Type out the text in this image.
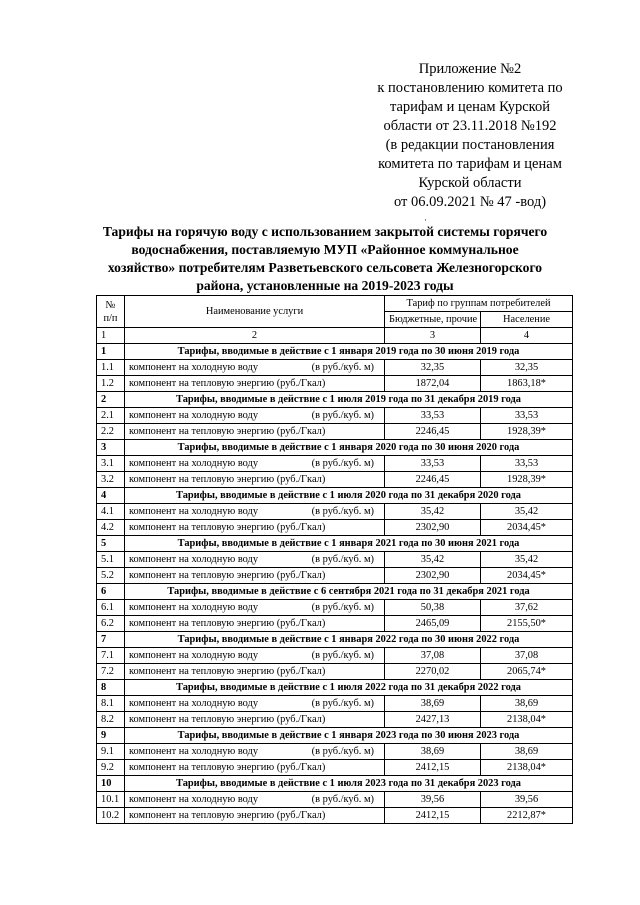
Приложение №2
к постановлению комитета по
тарифам и ценам Курской
области от 23.11.2018 №192
(в редакции постановления
комитета по тарифам и ценам
Курской области
от 06.09.2021 № 47 -вод)
·
Тарифы на горячую воду с использованием закрытой системы горячего
водоснабжения, поставляемую МУП «Районное коммунальное
хозяйство» потребителям Разветьевского сельсовета Железногорского
района, установленные на 2019-2023 годы
№ п/п	Наименование услуги	Тариф по группам потребителей	
		Бюджетные, прочие	Население
1	2	3	4
1	Тарифы, вводимые в действие с 1 января 2019 года по 30 июня 2019 года		
1.1	компонент на холодную воду (в руб./куб. м)	32,35	32,35
1.2	компонент на тепловую энергию (руб./Гкал)	1872,04	1863,18*
2	Тарифы, вводимые в действие с 1 июля 2019 года по 31 декабря 2019 года		
2.1	компонент на холодную воду (в руб./куб. м)	33,53	33,53
2.2	компонент на тепловую энергию (руб./Гкал)	2246,45	1928,39*
3	Тарифы, вводимые в действие с 1 января 2020 года по 30 июня 2020 года		
3.1	компонент на холодную воду (в руб./куб. м)	33,53	33,53
3.2	компонент на тепловую энергию (руб./Гкал)	2246,45	1928,39*
4	Тарифы, вводимые в действие с 1 июля 2020 года по 31 декабря 2020 года		
4.1	компонент на холодную воду (в руб./куб. м)	35,42	35,42
4.2	компонент на тепловую энергию (руб./Гкал)	2302,90	2034,45*
5	Тарифы, вводимые в действие с 1 января 2021 года по 30 июня 2021 года		
5.1	компонент на холодную воду (в руб./куб. м)	35,42	35,42
5.2	компонент на тепловую энергию (руб./Гкал)	2302,90	2034,45*
6	Тарифы, вводимые в действие с 6 сентября 2021 года по 31 декабря 2021 года		
6.1	компонент на холодную воду (в руб./куб. м)	50,38	37,62
6.2	компонент на тепловую энергию (руб./Гкал)	2465,09	2155,50*
7	Тарифы, вводимые в действие с 1 января 2022 года по 30 июня 2022 года		
7.1	компонент на холодную воду (в руб./куб. м)	37,08	37,08
7.2	компонент на тепловую энергию (руб./Гкал)	2270,02	2065,74*
8	Тарифы, вводимые в действие с 1 июля 2022 года по 31 декабря 2022 года		
8.1	компонент на холодную воду (в руб./куб. м)	38,69	38,69
8.2	компонент на тепловую энергию (руб./Гкал)	2427,13	2138,04*
9	Тарифы, вводимые в действие с 1 января 2023 года по 30 июня 2023 года		
9.1	компонент на холодную воду (в руб./куб. м)	38,69	38,69
9.2	компонент на тепловую энергию (руб./Гкал)	2412,15	2138,04*
10	Тарифы, вводимые в действие с 1 июля 2023 года по 31 декабря 2023 года		
10.1	компонент на холодную воду (в руб./куб. м)	39,56	39,56
10.2	компонент на тепловую энергию (руб./Гкал)	2412,15	2212,87*
